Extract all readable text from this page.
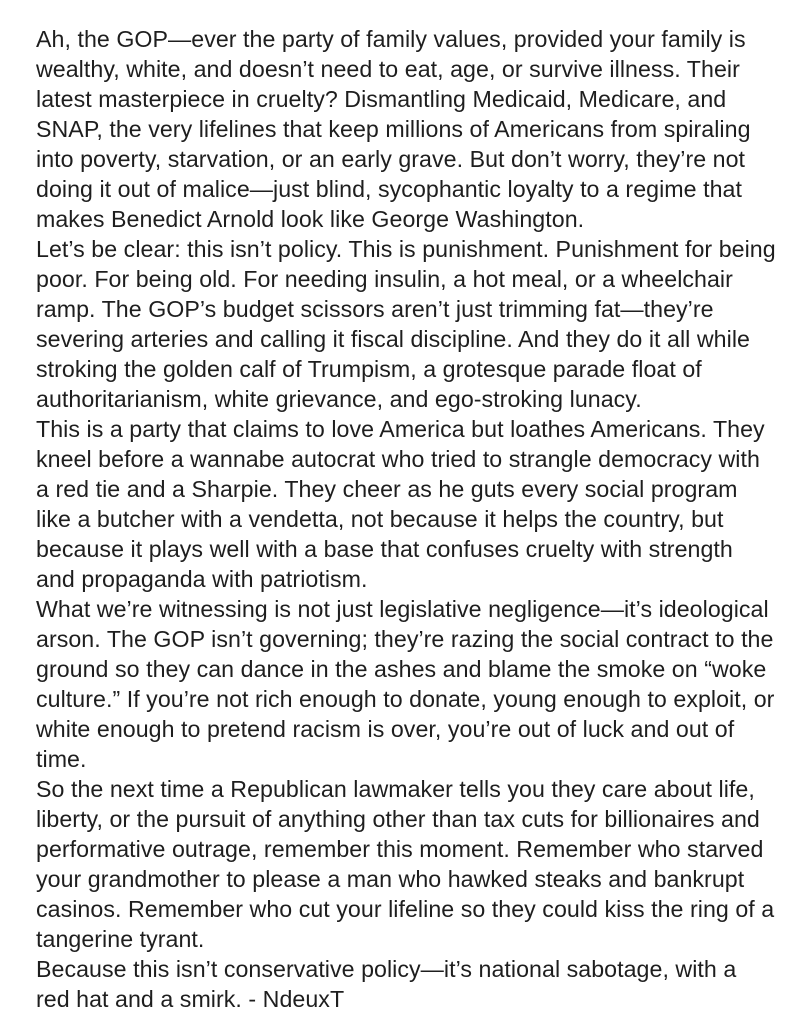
Ah, the GOP—ever the party of family values, provided your family is wealthy, white, and doesn’t need to eat, age, or survive illness. Their latest masterpiece in cruelty? Dismantling Medicaid, Medicare, and SNAP, the very lifelines that keep millions of Americans from spiraling into poverty, starvation, or an early grave. But don’t worry, they’re not doing it out of malice—just blind, sycophantic loyalty to a regime that makes Benedict Arnold look like George Washington.

Let’s be clear: this isn’t policy. This is punishment. Punishment for being poor. For being old. For needing insulin, a hot meal, or a wheelchair ramp. The GOP’s budget scissors aren’t just trimming fat—they’re severing arteries and calling it fiscal discipline. And they do it all while stroking the golden calf of Trumpism, a grotesque parade float of authoritarianism, white grievance, and ego-stroking lunacy.

This is a party that claims to love America but loathes Americans. They kneel before a wannabe autocrat who tried to strangle democracy with a red tie and a Sharpie. They cheer as he guts every social program like a butcher with a vendetta, not because it helps the country, but because it plays well with a base that confuses cruelty with strength and propaganda with patriotism.

What we’re witnessing is not just legislative negligence—it’s ideological arson. The GOP isn’t governing; they’re razing the social contract to the ground so they can dance in the ashes and blame the smoke on “woke culture.” If you’re not rich enough to donate, young enough to exploit, or white enough to pretend racism is over, you’re out of luck and out of time.

So the next time a Republican lawmaker tells you they care about life, liberty, or the pursuit of anything other than tax cuts for billionaires and performative outrage, remember this moment. Remember who starved your grandmother to please a man who hawked steaks and bankrupt casinos. Remember who cut your lifeline so they could kiss the ring of a tangerine tyrant.

Because this isn’t conservative policy—it’s national sabotage, with a red hat and a smirk. - NdeuxT
